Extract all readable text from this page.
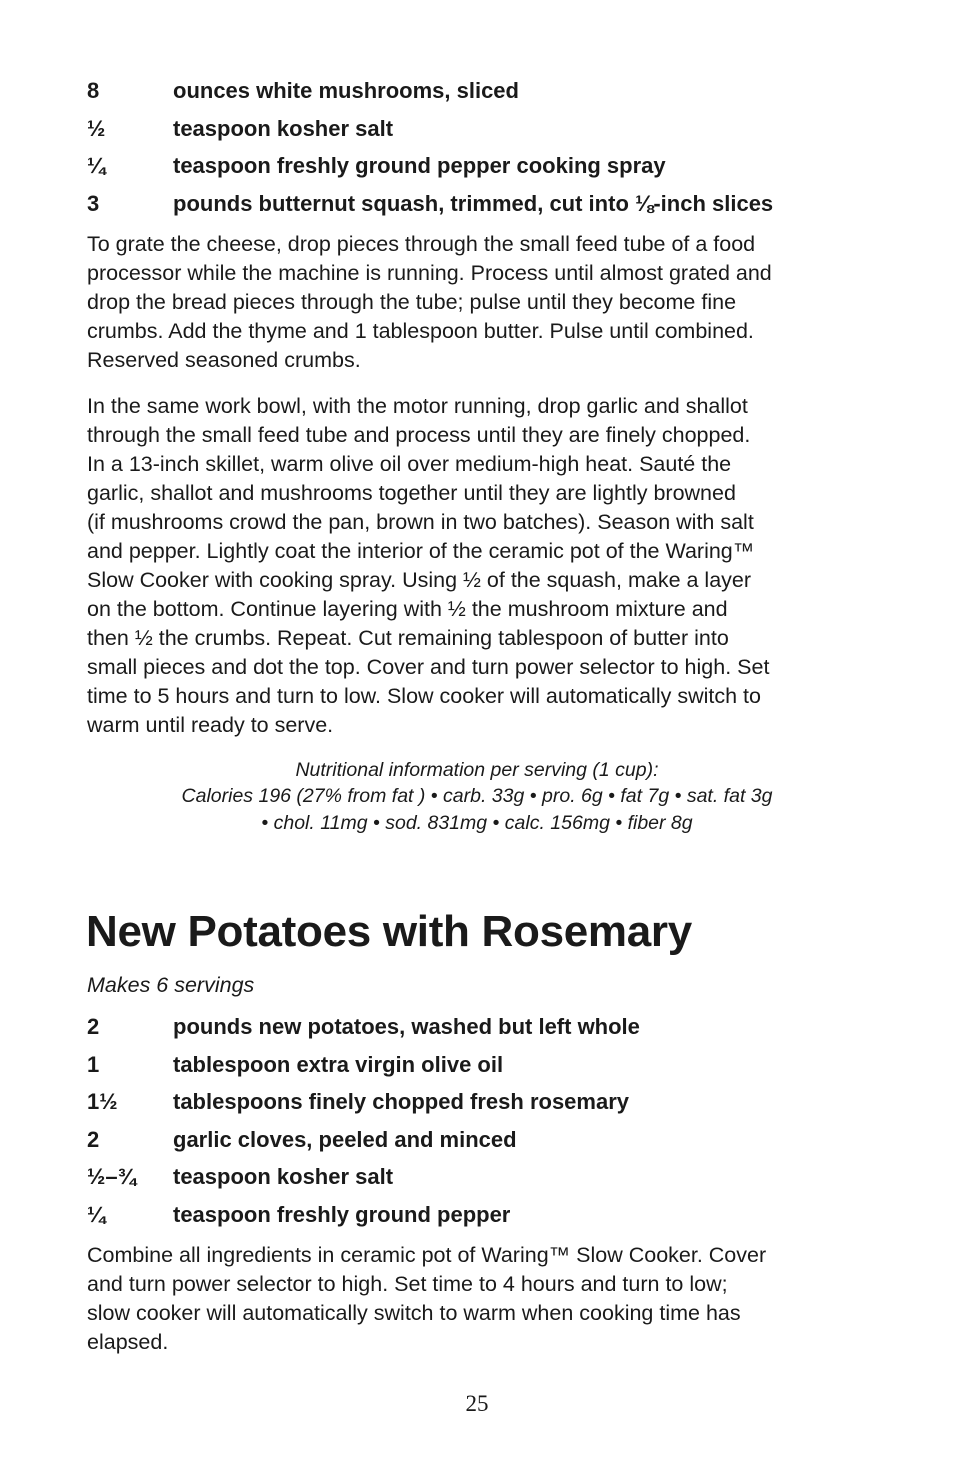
8	ounces white mushrooms, sliced
½	teaspoon kosher salt
¼	teaspoon freshly ground pepper cooking spray
3	pounds butternut squash, trimmed, cut into ⅛-inch slices
To grate the cheese, drop pieces through the small feed tube of a food
processor while the machine is running. Process until almost grated and
drop the bread pieces through the tube; pulse until they become fine
crumbs. Add the thyme and 1 tablespoon butter. Pulse until combined.
Reserved seasoned crumbs.
In the same work bowl, with the motor running, drop garlic and shallot
through the small feed tube and process until they are finely chopped.
In a 13-inch skillet, warm olive oil over medium-high heat. Sauté the
garlic, shallot and mushrooms together until they are lightly browned
(if mushrooms crowd the pan, brown in two batches). Season with salt
and pepper. Lightly coat the interior of the ceramic pot of the Waring™
Slow Cooker with cooking spray. Using ½ of the squash, make a layer
on the bottom. Continue layering with ½ the mushroom mixture and
then ½ the crumbs. Repeat. Cut remaining tablespoon of butter into
small pieces and dot the top. Cover and turn power selector to high. Set
time to 5 hours and turn to low. Slow cooker will automatically switch to
warm until ready to serve.
Nutritional information per serving (1 cup):
Calories 196 (27% from fat ) • carb. 33g • pro. 6g • fat 7g • sat. fat 3g
• chol. 11mg • sod. 831mg • calc. 156mg • fiber 8g
New Potatoes with Rosemary
Makes 6 servings
2	pounds new potatoes, washed but left whole
1	tablespoon extra virgin olive oil
1½	tablespoons finely chopped fresh rosemary
2	garlic cloves, peeled and minced
½–¾	teaspoon kosher salt
¼	teaspoon freshly ground pepper
Combine all ingredients in ceramic pot of Waring™ Slow Cooker. Cover
and turn power selector to high. Set time to 4 hours and turn to low;
slow cooker will automatically switch to warm when cooking time has
elapsed.
25
